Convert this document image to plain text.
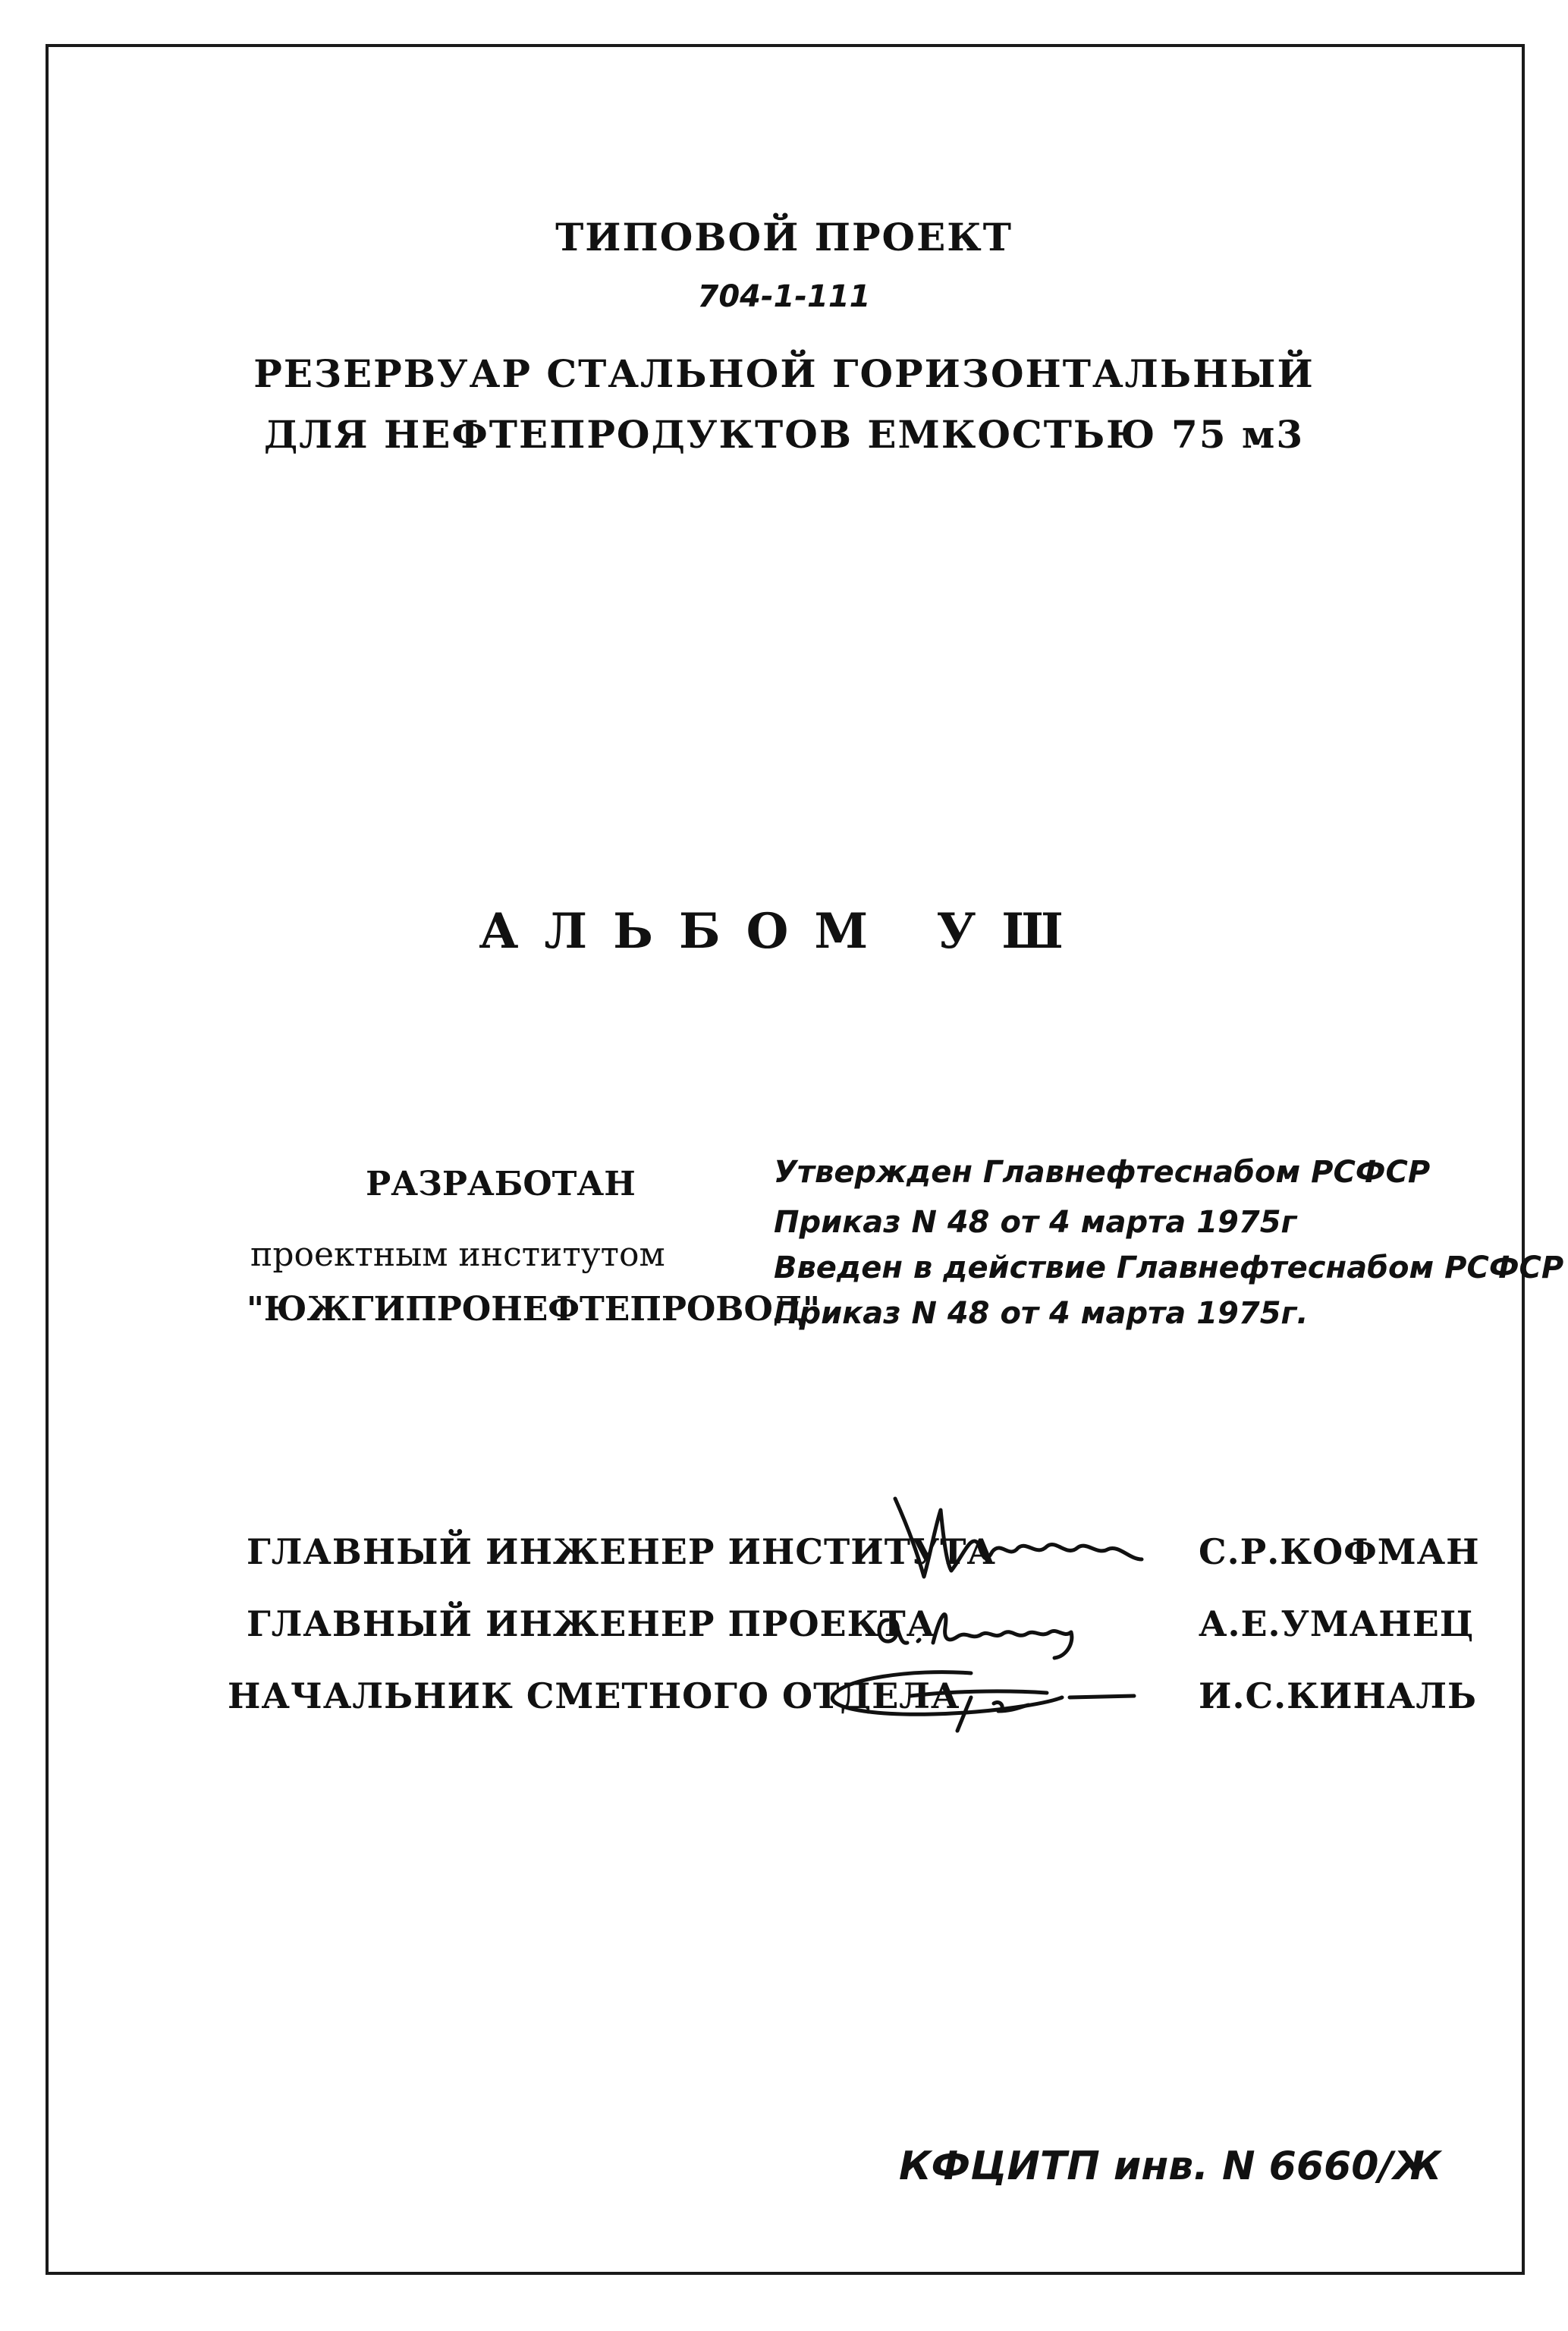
ТИПОВОЙ ПРОЕКТ
704-1-111
РЕЗЕРВУАР СТАЛЬНОЙ ГОРИЗОНТАЛЬНЫЙ
ДЛЯ НЕФТЕПРОДУКТОВ ЕМКОСТЬЮ 75 м3
АЛЬБОМ УШ
РАЗРАБОТАН
проектным институтом
"ЮЖГИПРОНЕФТЕПРОВОД"
Утвержден Главнефтеснабом РСФСР
Приказ N 48 от 4 марта 1975г
Введен в действие Главнефтеснабом РСФСР
Приказ N 48 от 4 марта 1975г.
ГЛАВНЫЙ ИНЖЕНЕР ИНСТИТУТА	С.Р.КОФМАН
ГЛАВНЫЙ ИНЖЕНЕР ПРОЕКТА	А.Е.УМАНЕЦ
НАЧАЛЬНИК СМЕТНОГО ОТДЕЛА	И.С.КИНАЛЬ
КФЦИТП инв. N 6660/Ж
